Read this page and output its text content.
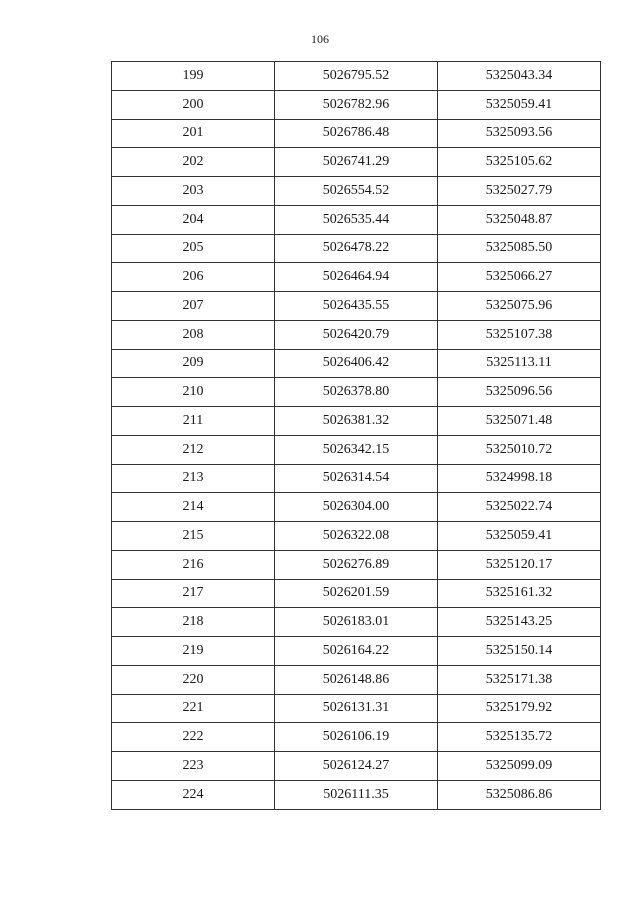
106
199	5026795.52	5325043.34
200	5026782.96	5325059.41
201	5026786.48	5325093.56
202	5026741.29	5325105.62
203	5026554.52	5325027.79
204	5026535.44	5325048.87
205	5026478.22	5325085.50
206	5026464.94	5325066.27
207	5026435.55	5325075.96
208	5026420.79	5325107.38
209	5026406.42	5325113.11
210	5026378.80	5325096.56
211	5026381.32	5325071.48
212	5026342.15	5325010.72
213	5026314.54	5324998.18
214	5026304.00	5325022.74
215	5026322.08	5325059.41
216	5026276.89	5325120.17
217	5026201.59	5325161.32
218	5026183.01	5325143.25
219	5026164.22	5325150.14
220	5026148.86	5325171.38
221	5026131.31	5325179.92
222	5026106.19	5325135.72
223	5026124.27	5325099.09
224	5026111.35	5325086.86
